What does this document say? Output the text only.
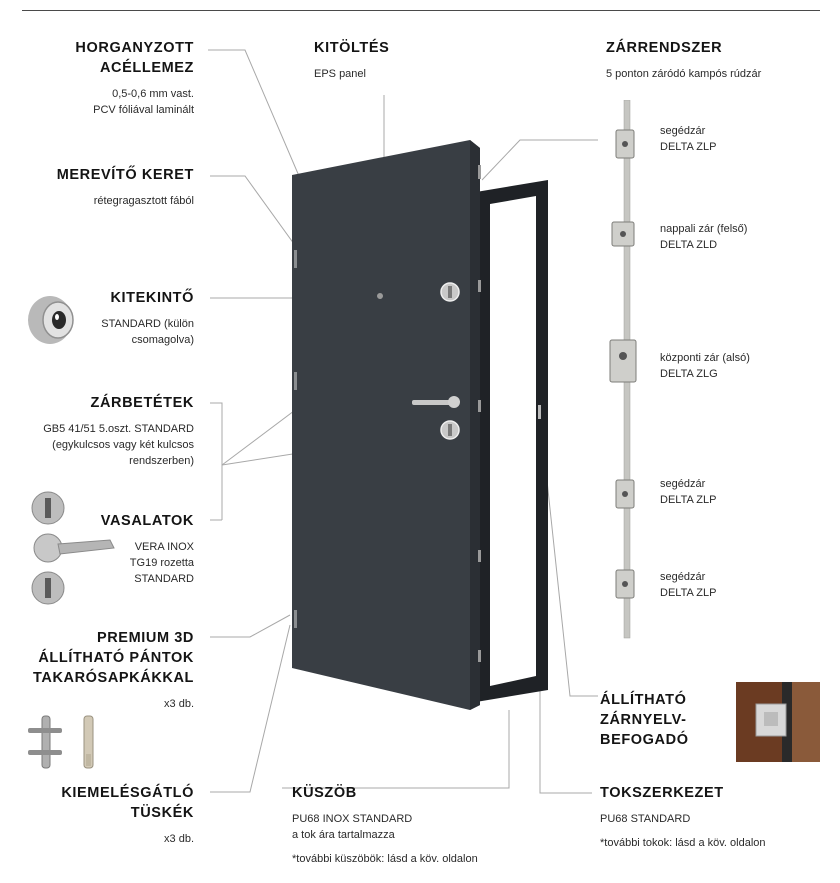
HORGANYZOTT
ACÉLLEMEZ
0,5-0,6 mm vast.
PCV fóliával laminált
MEREVÍTŐ KERET
rétegragasztott fából
KITEKINTŐ
STANDARD (külön
csomagolva)
ZÁRBETÉTEK
GB5 41/51 5.oszt. STANDARD
(egykulcsos vagy két kulcsos
rendszerben)
VASALATOK
VERA INOX
TG19 rozetta
STANDARD
PREMIUM 3D
ÁLLÍTHATÓ PÁNTOK
TAKARÓSAPKÁKKAL
x3 db.
KIEMELÉSGÁTLÓ
TÜSKÉK
x3 db.
KITÖLTÉS
EPS panel
KÜSZÖB
PU68 INOX STANDARD
a tok ára tartalmazza
*további küszöbök: lásd a köv. oldalon
ZÁRRENDSZER
5 ponton záródó kampós rúdzár
segédzár
DELTA ZLP
nappali zár (felső)
DELTA ZLD
központi zár (alsó)
DELTA ZLG
segédzár
DELTA ZLP
segédzár
DELTA ZLP
ÁLLÍTHATÓ
ZÁRNYELV-
BEFOGADÓ
TOKSZERKEZET
PU68 STANDARD
*további tokok: lásd a köv. oldalon
